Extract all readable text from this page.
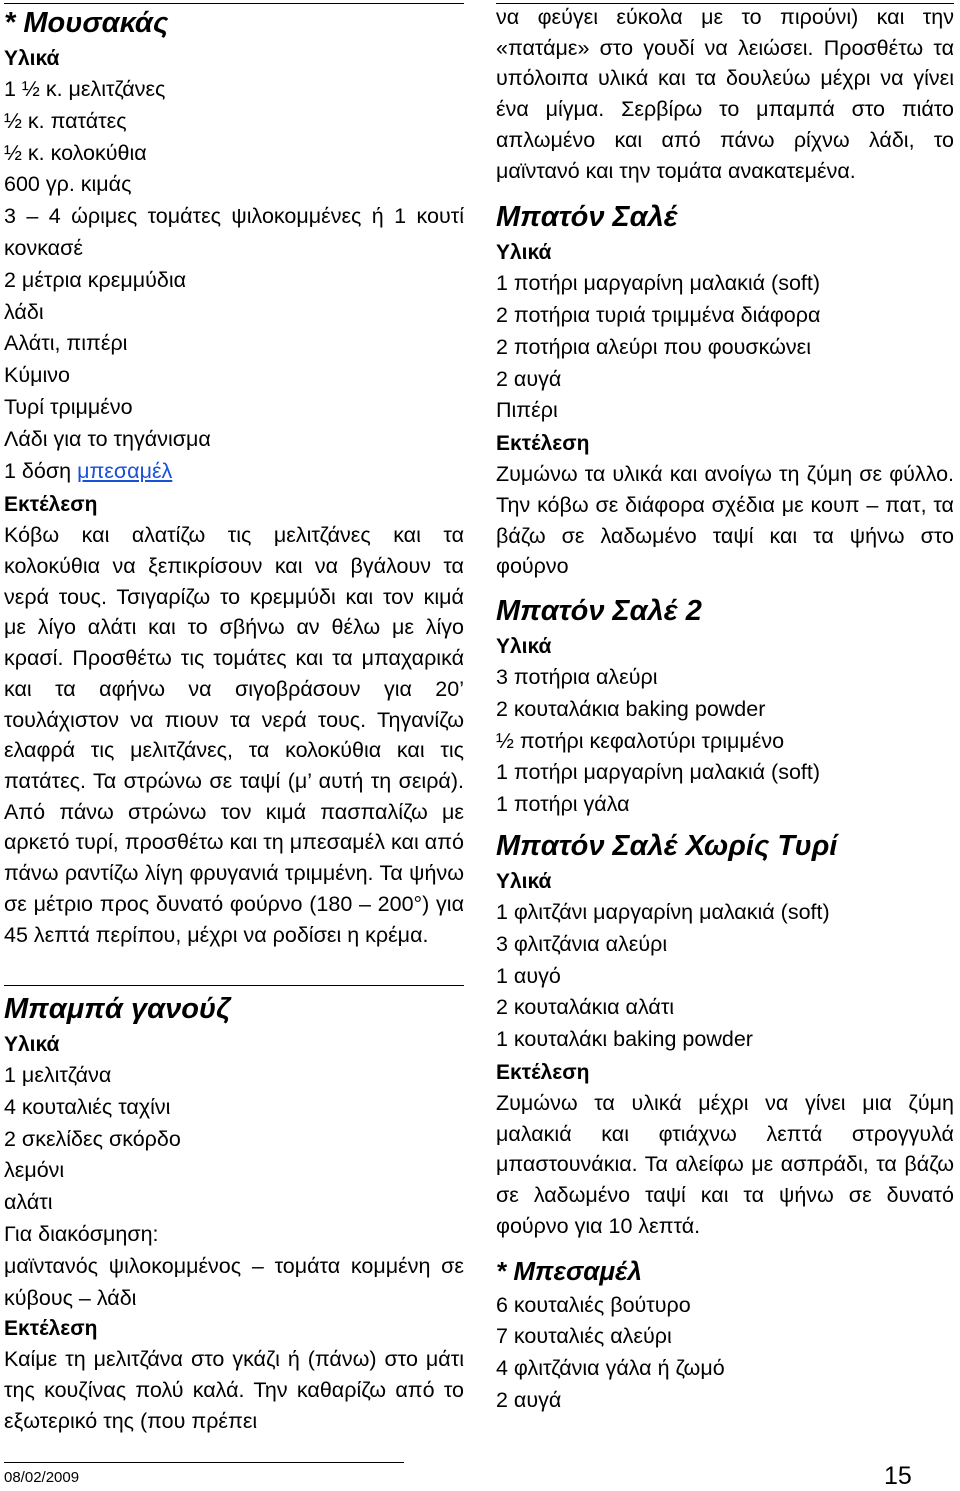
* Μουσακάς
Υλικά
1 ½ κ. μελιτζάνες
½ κ. πατάτες
½ κ. κολοκύθια
600 γρ. κιμάς
3 – 4 ώριμες τομάτες ψιλοκομμένες ή 1 κουτί κονκασέ
2 μέτρια κρεμμύδια
λάδι
Αλάτι, πιπέρι
Κύμινο
Τυρί τριμμένο
Λάδι για το τηγάνισμα
1 δόση μπεσαμέλ
Εκτέλεση

Κόβω και αλατίζω τις μελιτζάνες και τα κολοκύθια να ξεπικρίσουν και να βγάλουν τα νερά τους. Τσιγαρίζω το κρεμμύδι και τον κιμά με λίγο αλάτι και το σβήνω αν θέλω με λίγο κρασί. Προσθέτω τις τομάτες και τα μπαχαρικά και τα αφήνω να σιγοβράσουν για 20’ τουλάχιστον να πιουν τα νερά τους. Τηγανίζω ελαφρά τις μελιτζάνες, τα κολοκύθια και τις πατάτες. Τα στρώνω σε ταψί (μ’ αυτή τη σειρά). Από πάνω στρώνω τον κιμά πασπαλίζω με αρκετό τυρί, προσθέτω και τη μπεσαμέλ και από πάνω ραντίζω λίγη φρυγανιά τριμμένη. Τα ψήνω σε μέτριο προς δυνατό φούρνο (180 – 200°) για 45 λεπτά περίπου, μέχρι να ροδίσει η κρέμα.

Μπαμπά γανούζ
Υλικά
1 μελιτζάνα
4 κουταλιές ταχίνι
2 σκελίδες σκόρδο
λεμόνι
αλάτι
Για διακόσμηση:

μαϊντανός ψιλοκομμένος – τομάτα κομμένη σε κύβους – λάδι

Εκτέλεση

Καίμε τη μελιτζάνα στο γκάζι ή (πάνω) στο μάτι της κουζίνας πολύ καλά. Την καθαρίζω από το εξωτερικό της (που πρέπει

να φεύγει εύκολα με το πιρούνι) και την «πατάμε» στο γουδί να λειώσει. Προσθέτω τα υπόλοιπα υλικά και τα δουλεύω μέχρι να γίνει ένα μίγμα. Σερβίρω το μπαμπά στο πιάτο απλωμένο και από πάνω ρίχνω λάδι, το μαϊντανό και την τομάτα ανακατεμένα.

Μπατόν Σαλέ
Υλικά
1 ποτήρι μαργαρίνη μαλακιά (soft)
2 ποτήρια τυριά τριμμένα διάφορα
2 ποτήρια αλεύρι που φουσκώνει
2 αυγά
Πιπέρι
Εκτέλεση

Ζυμώνω τα υλικά και ανοίγω τη ζύμη σε φύλλο. Την κόβω σε διάφορα σχέδια με κουπ – πατ, τα βάζω σε λαδωμένο ταψί και τα ψήνω στο φούρνο

Μπατόν Σαλέ 2
Υλικά
3 ποτήρια αλεύρι
2 κουταλάκια baking powder
½ ποτήρι κεφαλοτύρι τριμμένο
1 ποτήρι μαργαρίνη μαλακιά (soft)
1 ποτήρι γάλα
Μπατόν Σαλέ Χωρίς Τυρί
Υλικά
1 φλιτζάνι μαργαρίνη μαλακιά (soft)
3 φλιτζάνια αλεύρι
1 αυγό
2 κουταλάκια αλάτι
1 κουταλάκι baking powder
Εκτέλεση

Ζυμώνω τα υλικά μέχρι να γίνει μια ζύμη μαλακιά και φτιάχνω λεπτά στρογγυλά μπαστουνάκια. Τα αλείφω με ασπράδι, τα βάζω σε λαδωμένο ταψί και τα ψήνω σε δυνατό φούρνο για 10 λεπτά.

* Μπεσαμέλ
6 κουταλιές βούτυρο
7 κουταλιές αλεύρι
4 φλιτζάνια γάλα ή ζωμό
2 αυγά
08/02/2009	15
